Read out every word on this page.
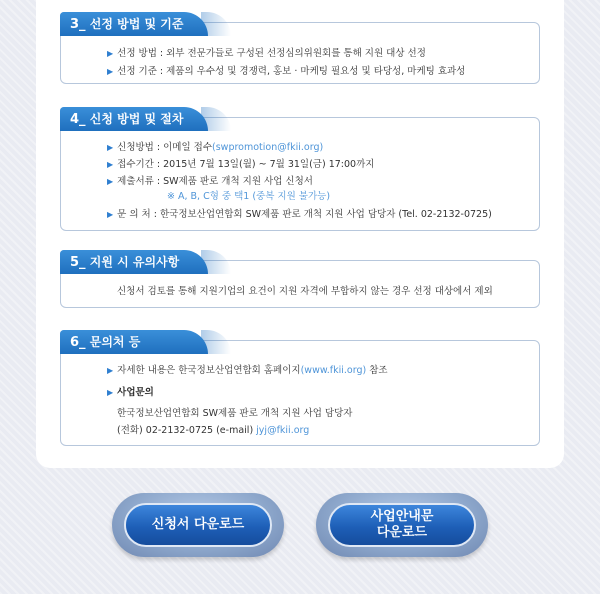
3_ 선정 방법 및 기준
▶ 선정 방법 : 외부 전문가들로 구성된 선정심의위원회를 통해 지원 대상 선정
▶ 선정 기준 : 제품의 우수성 및 경쟁력, 홍보 · 마케팅 필요성 및 타당성, 마케팅 효과성
4_ 신청 방법 및 절차
▶ 신청방법 : 이메일 접수(swpromotion@fkii.org)
▶ 접수기간 : 2015년 7월 13일(월) ~ 7월 31일(금) 17:00까지
▶ 제출서류 : SW제품 판로 개척 지원 사업 신청서
※ A, B, C형 중 택1 (중복 지원 불가능)
▶ 문 의 처 : 한국정보산업연합회 SW제품 판로 개척 지원 사업 담당자 (Tel. 02-2132-0725)
5_ 지원 시 유의사항
신청서 검토를 통해 지원기업의 요건이 지원 자격에 부합하지 않는 경우 선정 대상에서 제외
6_ 문의처 등
▶ 자세한 내용은 한국정보산업연합회 홈페이지(www.fkii.org) 참조
▶ 사업문의
한국정보산업연합회 SW제품 판로 개척 지원 사업 담당자
(전화) 02-2132-0725 (e-mail) jyj@fkii.org
신청서 다운로드
사업안내문
다운로드
